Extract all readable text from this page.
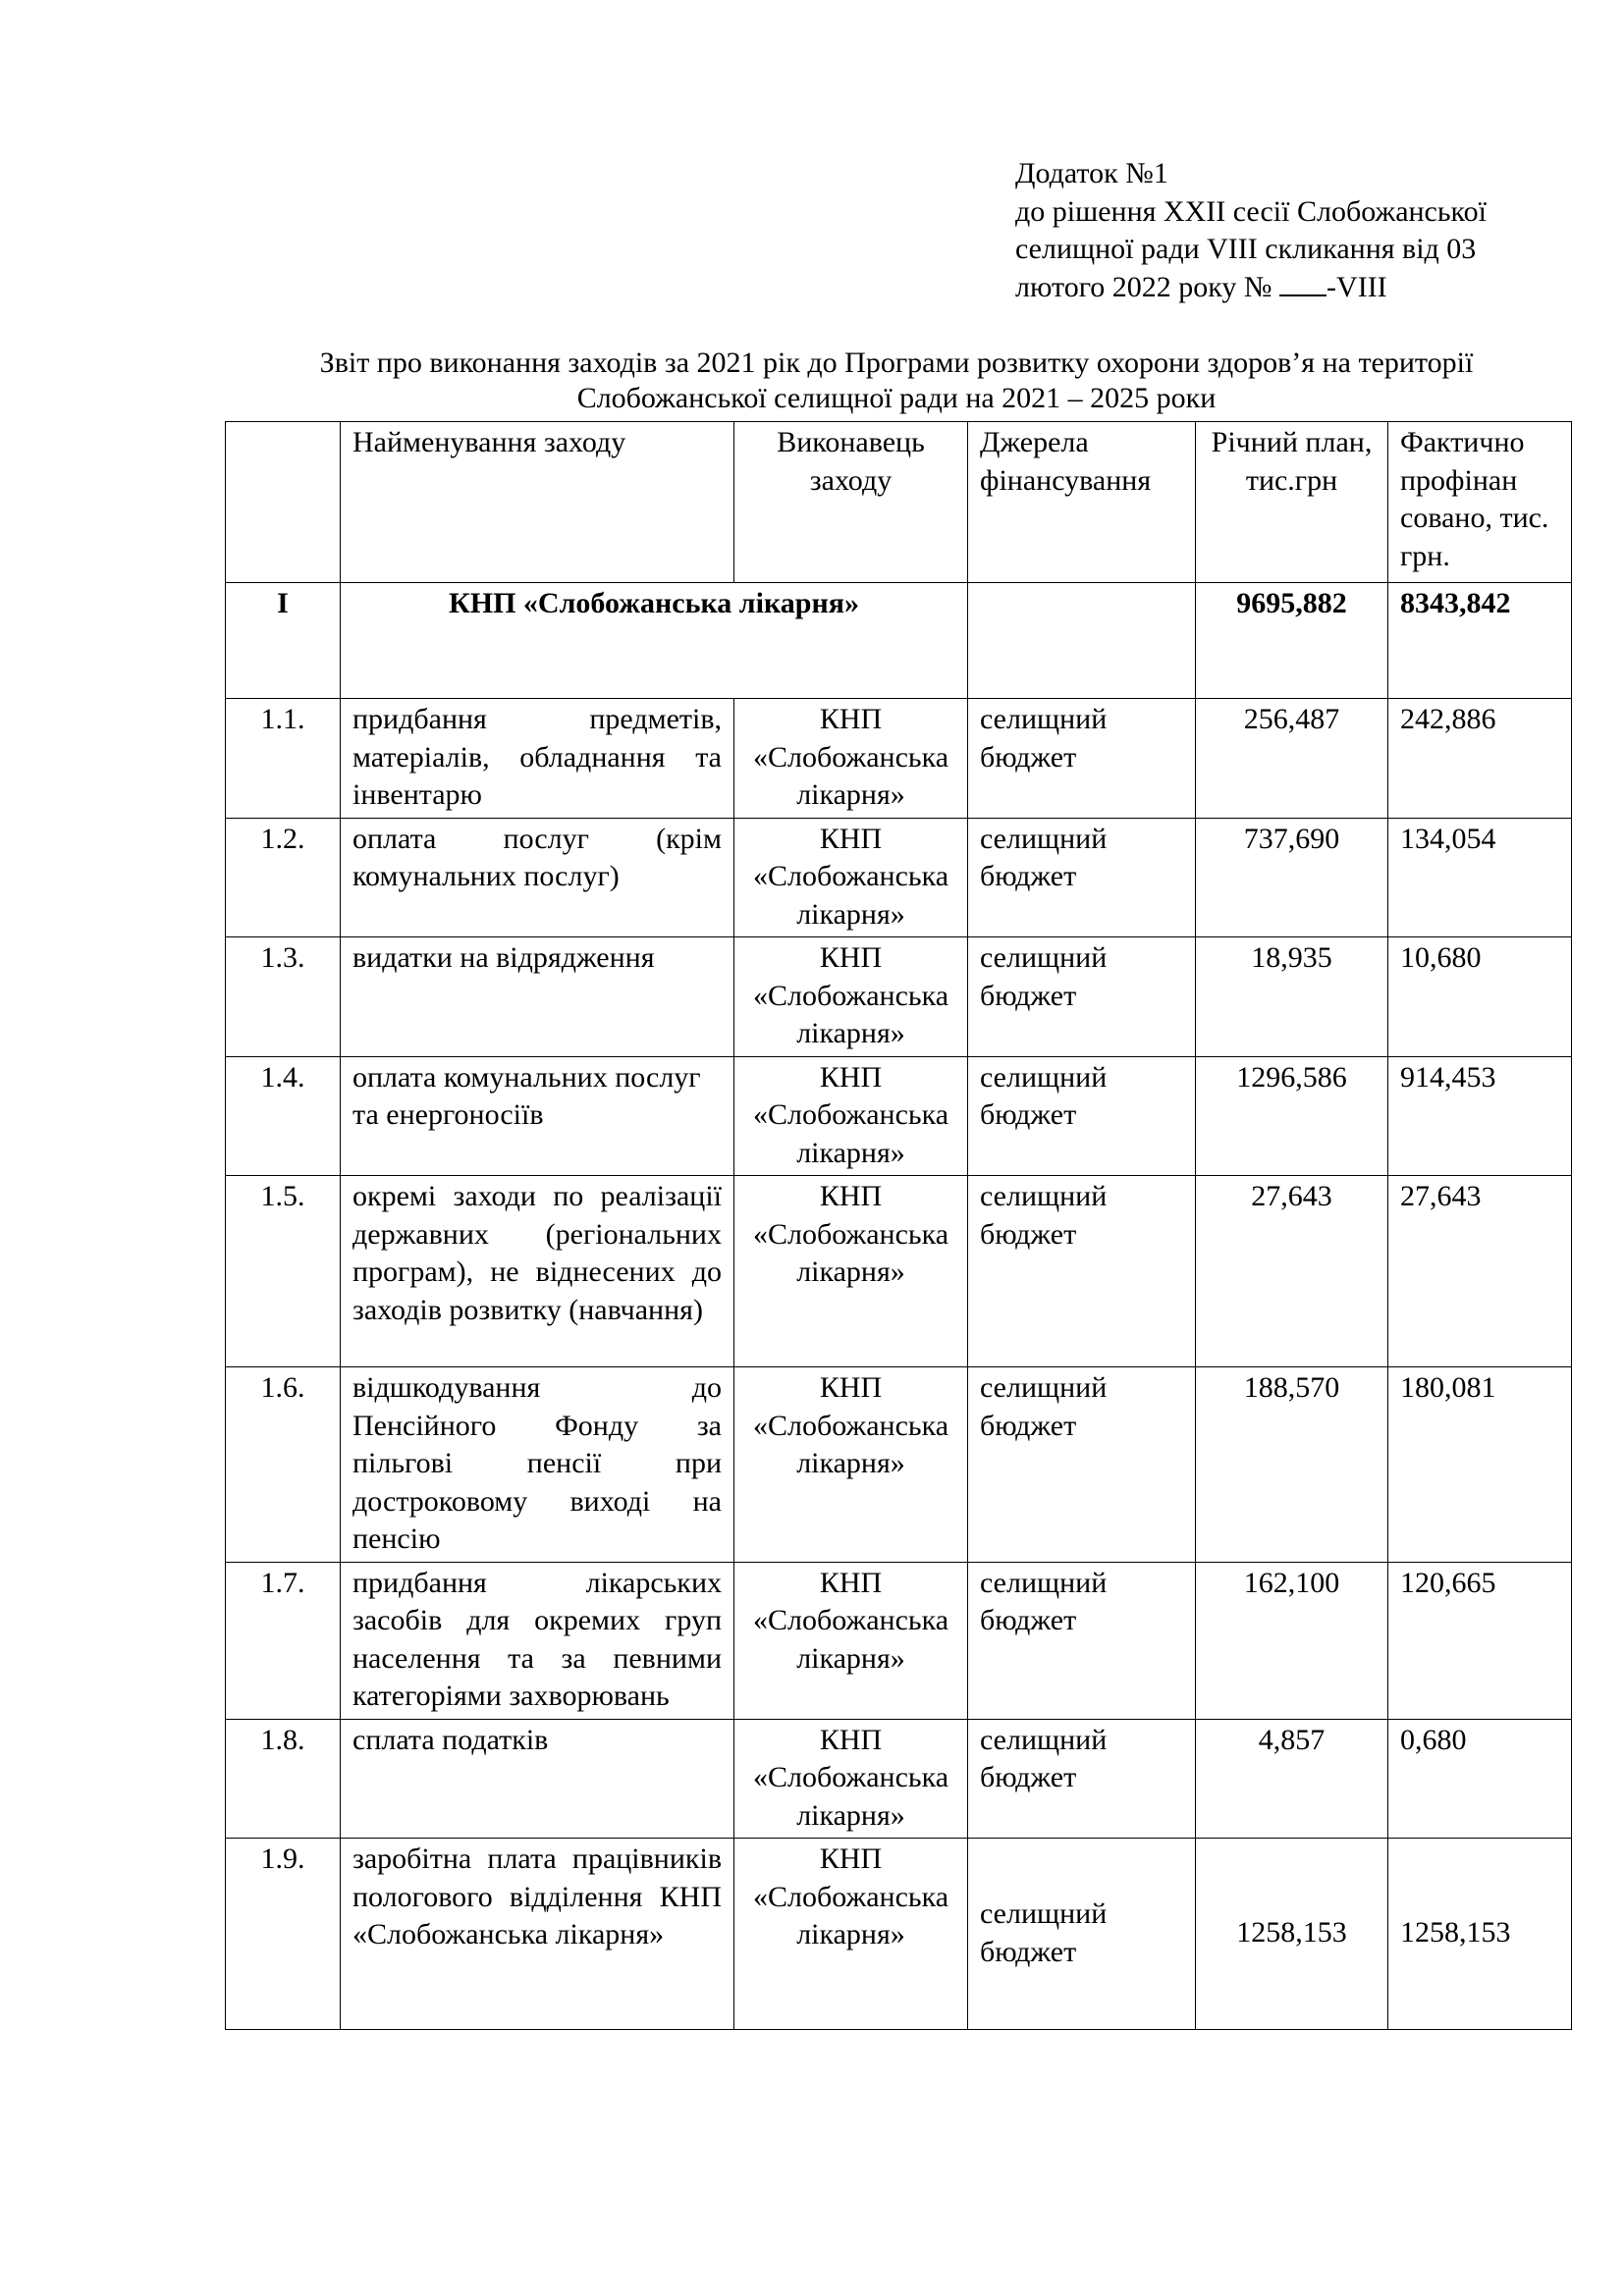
Додаток №1
до рішення XXII сесії Слобожанської
селищної ради VIII скликання від 03
лютого 2022 року № -VIII
Звіт про виконання заходів за 2021 рік до Програми розвитку охорони здоров’я на території
Слобожанської селищної ради на 2021 – 2025 роки
	Найменування заходу	Виконавець заходу	Джерела фінансування	Річний план, тис.грн	Фактично профінан совано, тис. грн.
I	КНП «Слобожанська лікарня»			9695,882	8343,842
1.1.	придбання предметів, матеріалів, обладнання та інвентарю	КНП «Слобожанська лікарня»	селищний бюджет	256,487	242,886
1.2.	оплата послуг (крім комунальних послуг)	КНП «Слобожанська лікарня»	селищний бюджет	737,690	134,054
1.3.	видатки на відрядження	КНП «Слобожанська лікарня»	селищний бюджет	18,935	10,680
1.4.	оплата комунальних послуг та енергоносіїв	КНП «Слобожанська лікарня»	селищний бюджет	1296,586	914,453
1.5.	окремі заходи по реалізації державних (регіональних програм), не віднесених до заходів розвитку (навчання)	КНП «Слобожанська лікарня»	селищний бюджет	27,643	27,643
1.6.	відшкодування до Пенсійного Фонду за пільгові пенсії при достроковому виході на пенсію	КНП «Слобожанська лікарня»	селищний бюджет	188,570	180,081
1.7.	придбання лікарських засобів для окремих груп населення та за певними категоріями захворювань	КНП «Слобожанська лікарня»	селищний бюджет	162,100	120,665
1.8.	сплата податків	КНП «Слобожанська лікарня»	селищний бюджет	4,857	0,680
1.9.	заробітна плата працівників пологового відділення КНП «Слобожанська лікарня»	КНП «Слобожанська лікарня»	селищний бюджет	1258,153	1258,153
